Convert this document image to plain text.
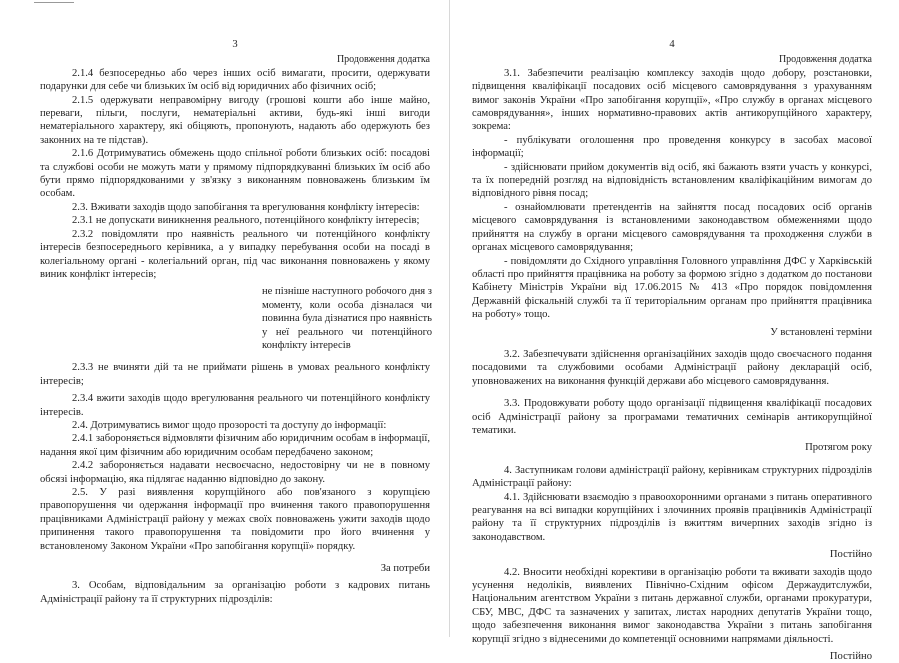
3
Продовження додатка

2.1.4 безпосередньо або через інших осіб вимагати, просити, одержувати подарунки для себе чи близьких їм осіб від юридичних або фізичних осіб;

2.1.5 одержувати неправомірну вигоду (грошові кошти або інше майно, переваги, пільги, послуги, нематеріальні активи, будь-які інші вигоди нематеріального характеру, які обіцяють, пропонують, надають або одержують без законних на те підстав).

2.1.6 Дотримуватись обмежень щодо спільної роботи близьких осіб: посадові та службові особи не можуть мати у прямому підпорядкуванні близьких їм осіб або бути прямо підпорядкованими у зв'язку з виконанням повноважень близьким їм особам.

2.3. Вживати заходів щодо запобігання та врегулювання конфлікту інтересів:

2.3.1 не допускати виникнення реального, потенційного конфлікту інтересів;

2.3.2 повідомляти про наявність реального чи потенційного конфлікту інтересів безпосереднього керівника, а у випадку перебування особи на посаді в колегіальному органі - колегіальний орган, під час виконання повноважень у якому виник конфлікт інтересів;

не пізніше наступного робочого дня з моменту, коли особа дізналася чи повинна була дізнатися про наявність у неї реального чи потенційного конфлікту інтересів

2.3.3 не вчиняти дій та не приймати рішень в умовах реального конфлікту інтересів;

2.3.4 вжити заходів щодо врегулювання реального чи потенційного конфлікту інтересів.

2.4. Дотримуватись вимог щодо прозорості та доступу до інформації:

2.4.1 забороняється відмовляти фізичним або юридичним особам в інформації, надання якої цим фізичним або юридичним особам передбачено законом;

2.4.2 забороняється надавати несвоєчасно, недостовірну чи не в повному обсязі інформацію, яка підлягає наданню відповідно до закону.

2.5. У разі виявлення корупційного або пов'язаного з корупцією правопорушення чи одержання інформації про вчинення такого правопорушення працівниками Адміністрації району у межах своїх повноважень ужити заходів щодо припинення такого правопорушення та повідомити про його вчинення у встановленому Законом України «Про запобігання корупції» порядку.

За потреби

3. Особам, відповідальним за організацію роботи з кадрових питань Адміністрації району та її структурних підрозділів:

4
Продовження додатка

3.1. Забезпечити реалізацію комплексу заходів щодо добору, розстановки, підвищення кваліфікації посадових осіб місцевого самоврядування з урахуванням вимог законів України «Про запобігання корупції», «Про службу в органах місцевого самоврядування», інших нормативно-правових актів антикорупційного характеру, зокрема:

- публікувати оголошення про проведення конкурсу в засобах масової інформації;

- здійснювати прийом документів від осіб, які бажають взяти участь у конкурсі, та їх попередній розгляд на відповідність встановленим кваліфікаційним вимогам до відповідного рівня посад;

- ознайомлювати претендентів на зайняття посад посадових осіб органів місцевого самоврядування із встановленими законодавством обмеженнями щодо прийняття на службу в органи місцевого самоврядування та проходження служби в органах місцевого самоврядування;

- повідомляти до Східного управління Головного управління ДФС у Харківській області про прийняття працівника на роботу за формою згідно з додатком до постанови Кабінету Міністрів України від 17.06.2015 № 413 «Про порядок повідомлення Державній фіскальній службі та її територіальним органам про прийняття працівника на роботу» тощо.

У встановлені терміни

3.2. Забезпечувати здійснення організаційних заходів щодо своєчасного подання посадовими та службовими особами Адміністрації району декларацій осіб, уповноважених на виконання функцій держави або місцевого самоврядування.

3.3. Продовжувати роботу щодо організації підвищення кваліфікації посадових осіб Адміністрації району за програмами тематичних семінарів антикорупційної тематики.

Протягом року

4. Заступникам голови адміністрації району, керівникам структурних підрозділів Адміністрації району:

4.1. Здійснювати взаємодію з правоохоронними органами з питань оперативного реагування на всі випадки корупційних і злочинних проявів працівників Адміністрації району та її структурних підрозділів із вжиттям вичерпних заходів згідно із законодавством.

Постійно

4.2. Вносити необхідні корективи в організацію роботи та вживати заходів щодо усунення недоліків, виявлених Північно-Східним офісом Держаудитслужби, Національним агентством України з питань державної служби, органами прокуратури, СБУ, МВС, ДФС та зазначених у запитах, листах народних депутатів України тощо, щодо забезпечення виконання вимог законодавства України з питань запобігання корупції згідно з віднесеними до компетенції основними напрямами діяльності.

Постійно
